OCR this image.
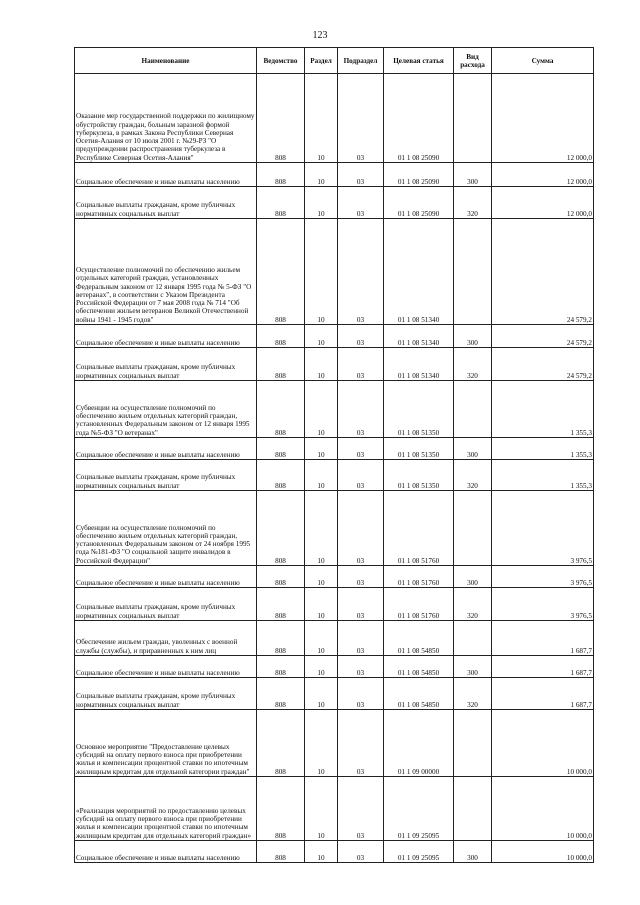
123
Наименование	Ведомство	Раздел	Подраздел	Целевая статья	Вид расхода	Сумма
Оказание мер государственной поддержки по жилищному обустройству граждан, больным заразной формой туберкулеза, в рамках Закона Республики Северная Осетия-Алания от 10 июля 2001 г. №29-РЗ "О предупреждении распространения туберкулеза в Республике Северная Осетия-Алания"	808	10	03	01 1 08 25090		12 000,0
Социальное обеспечение и иные выплаты населению	808	10	03	01 1 08 25090	300	12 000,0
Социальные выплаты гражданам, кроме публичных нормативных социальных выплат	808	10	03	01 1 08 25090	320	12 000,0
Осуществление полномочий по обеспечению жильем отдельных категорий граждан, установленных Федеральным законом от 12 января 1995 года № 5-ФЗ "О ветеранах", в соответствии с Указом Президента Российской Федерации от 7 мая 2008 года № 714 "Об обеспечении жильем ветеранов Великой Отечественной войны 1941 - 1945 годов"	808	10	03	01 1 08 51340		24 579,2
Социальное обеспечение и иные выплаты населению	808	10	03	01 1 08 51340	300	24 579,2
Социальные выплаты гражданам, кроме публичных нормативных социальных выплат	808	10	03	01 1 08 51340	320	24 579,2
Субвенции на осуществление полномочий по обеспечению жильем отдельных категорий граждан, установленных Федеральным законом от 12 января 1995 года №5-ФЗ "О ветеранах"	808	10	03	01 1 08 51350		1 355,3
Социальное обеспечение и иные выплаты населению	808	10	03	01 1 08 51350	300	1 355,3
Социальные выплаты гражданам, кроме публичных нормативных социальных выплат	808	10	03	01 1 08 51350	320	1 355,3
Субвенции на осуществление полномочий по обеспечению жильем отдельных категорий граждан, установленных Федеральным законом от 24 ноября 1995 года №181-ФЗ "О социальной защите инвалидов в Российской Федерации"	808	10	03	01 1 08 51760		3 976,5
Социальное обеспечение и иные выплаты населению	808	10	03	01 1 08 51760	300	3 976,5
Социальные выплаты гражданам, кроме публичных нормативных социальных выплат	808	10	03	01 1 08 51760	320	3 976,5
Обеспечение жильем граждан, уволенных с военной службы (службы), и приравненных к ним лиц	808	10	03	01 1 08 54850		1 687,7
Социальное обеспечение и иные выплаты населению	808	10	03	01 1 08 54850	300	1 687,7
Социальные выплаты гражданам, кроме публичных нормативных социальных выплат	808	10	03	01 1 08 54850	320	1 687,7
Основное мероприятие "Предоставление целевых субсидий на оплату первого взноса при приобретении жилья и компенсации процентной ставки по ипотечным жилищным кредитам для отдельной категории граждан"	808	10	03	01 1 09 00000		10 000,0
«Реализация мероприятий по предоставлению целевых субсидий на оплату первого взноса при приобретении жилья и компенсации процентной ставки по ипотечным жилищным кредитам для отдельных категорий граждан»	808	10	03	01 1 09 25095		10 000,0
Социальное обеспечение и иные выплаты населению	808	10	03	01 1 09 25095	300	10 000,0
